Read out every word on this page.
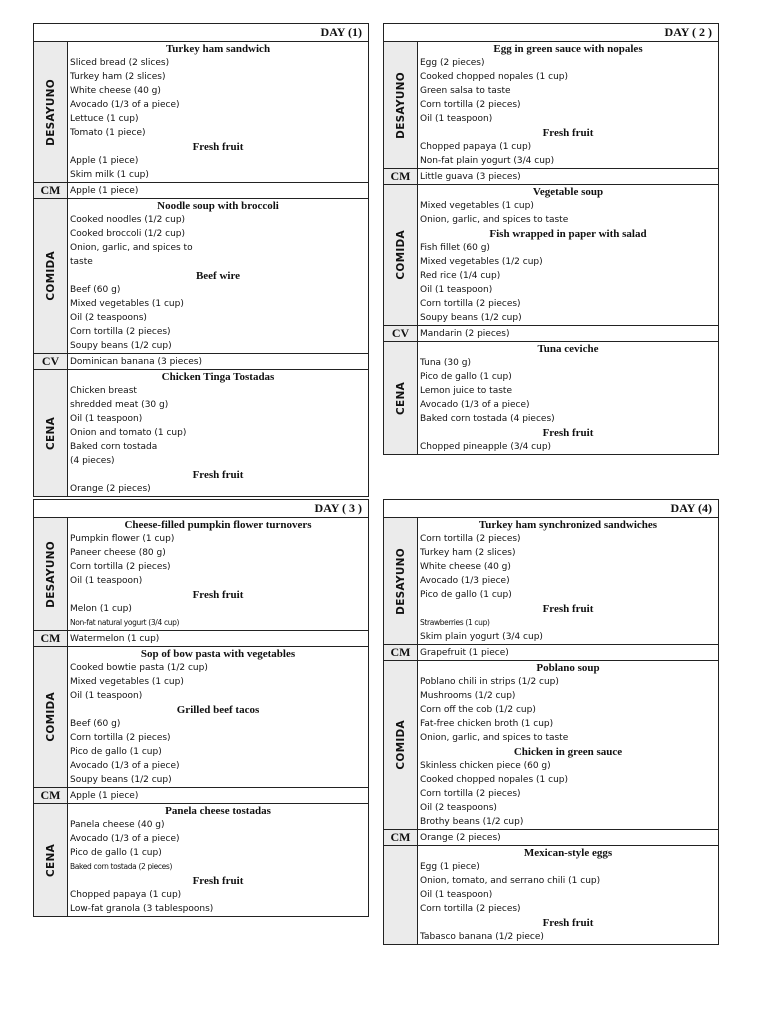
DAY (1)
DESAYUNO
Turkey ham sandwich
Sliced bread (2 slices)
Turkey ham (2 slices)
White cheese (40 g)
Avocado (1/3 of a piece)
Lettuce (1 cup)
Tomato (1 piece)
Fresh fruit
Apple (1 piece)
Skim milk (1 cup)
CM Apple (1 piece)
COMIDA
Noodle soup with broccoli
Cooked noodles (1/2 cup)
Cooked broccoli (1/2 cup)
Onion, garlic, and spices to
taste
Beef wire
Beef (60 g)
Mixed vegetables (1 cup)
Oil (2 teaspoons)
Corn tortilla (2 pieces)
Soupy beans (1/2 cup)
CV Dominican banana (3 pieces)
CENA
Chicken Tinga Tostadas
Chicken breast
shredded meat (30 g)
Oil (1 teaspoon)
Onion and tomato (1 cup)
Baked corn tostada
(4 pieces)
Fresh fruit
Orange (2 pieces)
DAY ( 2 )
DESAYUNO
Egg in green sauce with nopales
Egg (2 pieces)
Cooked chopped nopales (1 cup)
Green salsa to taste
Corn tortilla (2 pieces)
Oil (1 teaspoon)
Fresh fruit
Chopped papaya (1 cup)
Non-fat plain yogurt (3/4 cup)
CM Little guava (3 pieces)
COMIDA
Vegetable soup
Mixed vegetables (1 cup)
Onion, garlic, and spices to taste
Fish wrapped in paper with salad
Fish fillet (60 g)
Mixed vegetables (1/2 cup)
Red rice (1/4 cup)
Oil (1 teaspoon)
Corn tortilla (2 pieces)
Soupy beans (1/2 cup)
CV Mandarin (2 pieces)
CENA
Tuna ceviche
Tuna (30 g)
Pico de gallo (1 cup)
Lemon juice to taste
Avocado (1/3 of a piece)
Baked corn tostada (4 pieces)
Fresh fruit
Chopped pineapple (3/4 cup)
DAY ( 3 )
DESAYUNO
Cheese-filled pumpkin flower turnovers
Pumpkin flower (1 cup)
Paneer cheese (80 g)
Corn tortilla (2 pieces)
Oil (1 teaspoon)
Fresh fruit
Melon (1 cup)
Non-fat natural yogurt (3/4 cup)
CM Watermelon (1 cup)
COMIDA
Sop of bow pasta with vegetables
Cooked bowtie pasta (1/2 cup)
Mixed vegetables (1 cup)
Oil (1 teaspoon)
Grilled beef tacos
Beef (60 g)
Corn tortilla (2 pieces)
Pico de gallo (1 cup)
Avocado (1/3 of a piece)
Soupy beans (1/2 cup)
CM Apple (1 piece)
CENA
Panela cheese tostadas
Panela cheese (40 g)
Avocado (1/3 of a piece)
Pico de gallo (1 cup)
Baked corn tostada (2 pieces)
Fresh fruit
Chopped papaya (1 cup)
Low-fat granola (3 tablespoons)
DAY (4)
DESAYUNO
Turkey ham synchronized sandwiches
Corn tortilla (2 pieces)
Turkey ham (2 slices)
White cheese (40 g)
Avocado (1/3 piece)
Pico de gallo (1 cup)
Fresh fruit
Strawberries (1 cup)
Skim plain yogurt (3/4 cup)
CM Grapefruit (1 piece)
COMIDA
Poblano soup
Poblano chili in strips (1/2 cup)
Mushrooms (1/2 cup)
Corn off the cob (1/2 cup)
Fat-free chicken broth (1 cup)
Onion, garlic, and spices to taste
Chicken in green sauce
Skinless chicken piece (60 g)
Cooked chopped nopales (1 cup)
Corn tortilla (2 pieces)
Oil (2 teaspoons)
Brothy beans (1/2 cup)
CM Orange (2 pieces)
Mexican-style eggs
Egg (1 piece)
Onion, tomato, and serrano chili (1 cup)
Oil (1 teaspoon)
Corn tortilla (2 pieces)
Fresh fruit
Tabasco banana (1/2 piece)
